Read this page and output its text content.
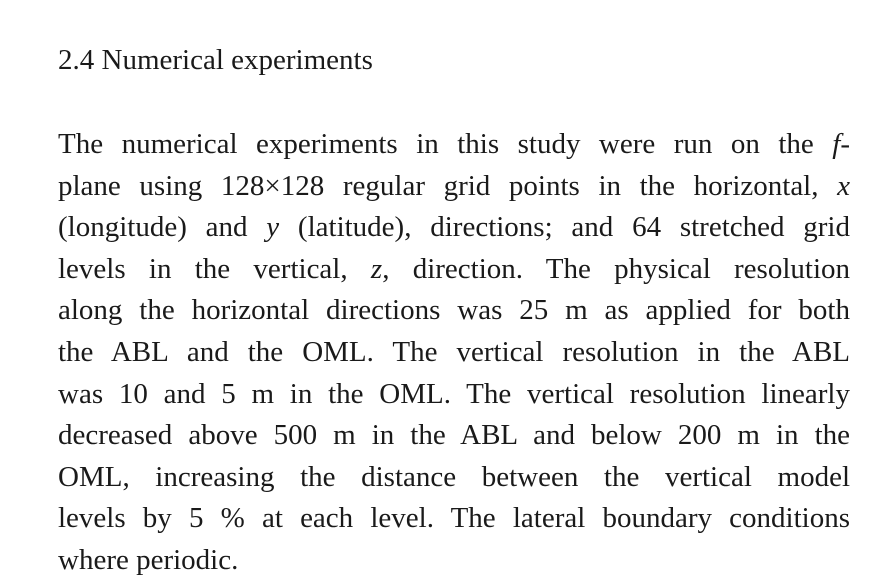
2.4 Numerical experiments
The numerical experiments in this study were run on the f-
plane using 128×128 regular grid points in the horizontal, x
(longitude) and y (latitude), directions; and 64 stretched grid
levels in the vertical, z, direction. The physical resolution
along the horizontal directions was 25 m as applied for both
the ABL and the OML. The vertical resolution in the ABL
was 10 and 5 m in the OML. The vertical resolution linearly
decreased above 500 m in the ABL and below 200 m in the
OML, increasing the distance between the vertical model
levels by 5 % at each level. The lateral boundary conditions
where periodic.
